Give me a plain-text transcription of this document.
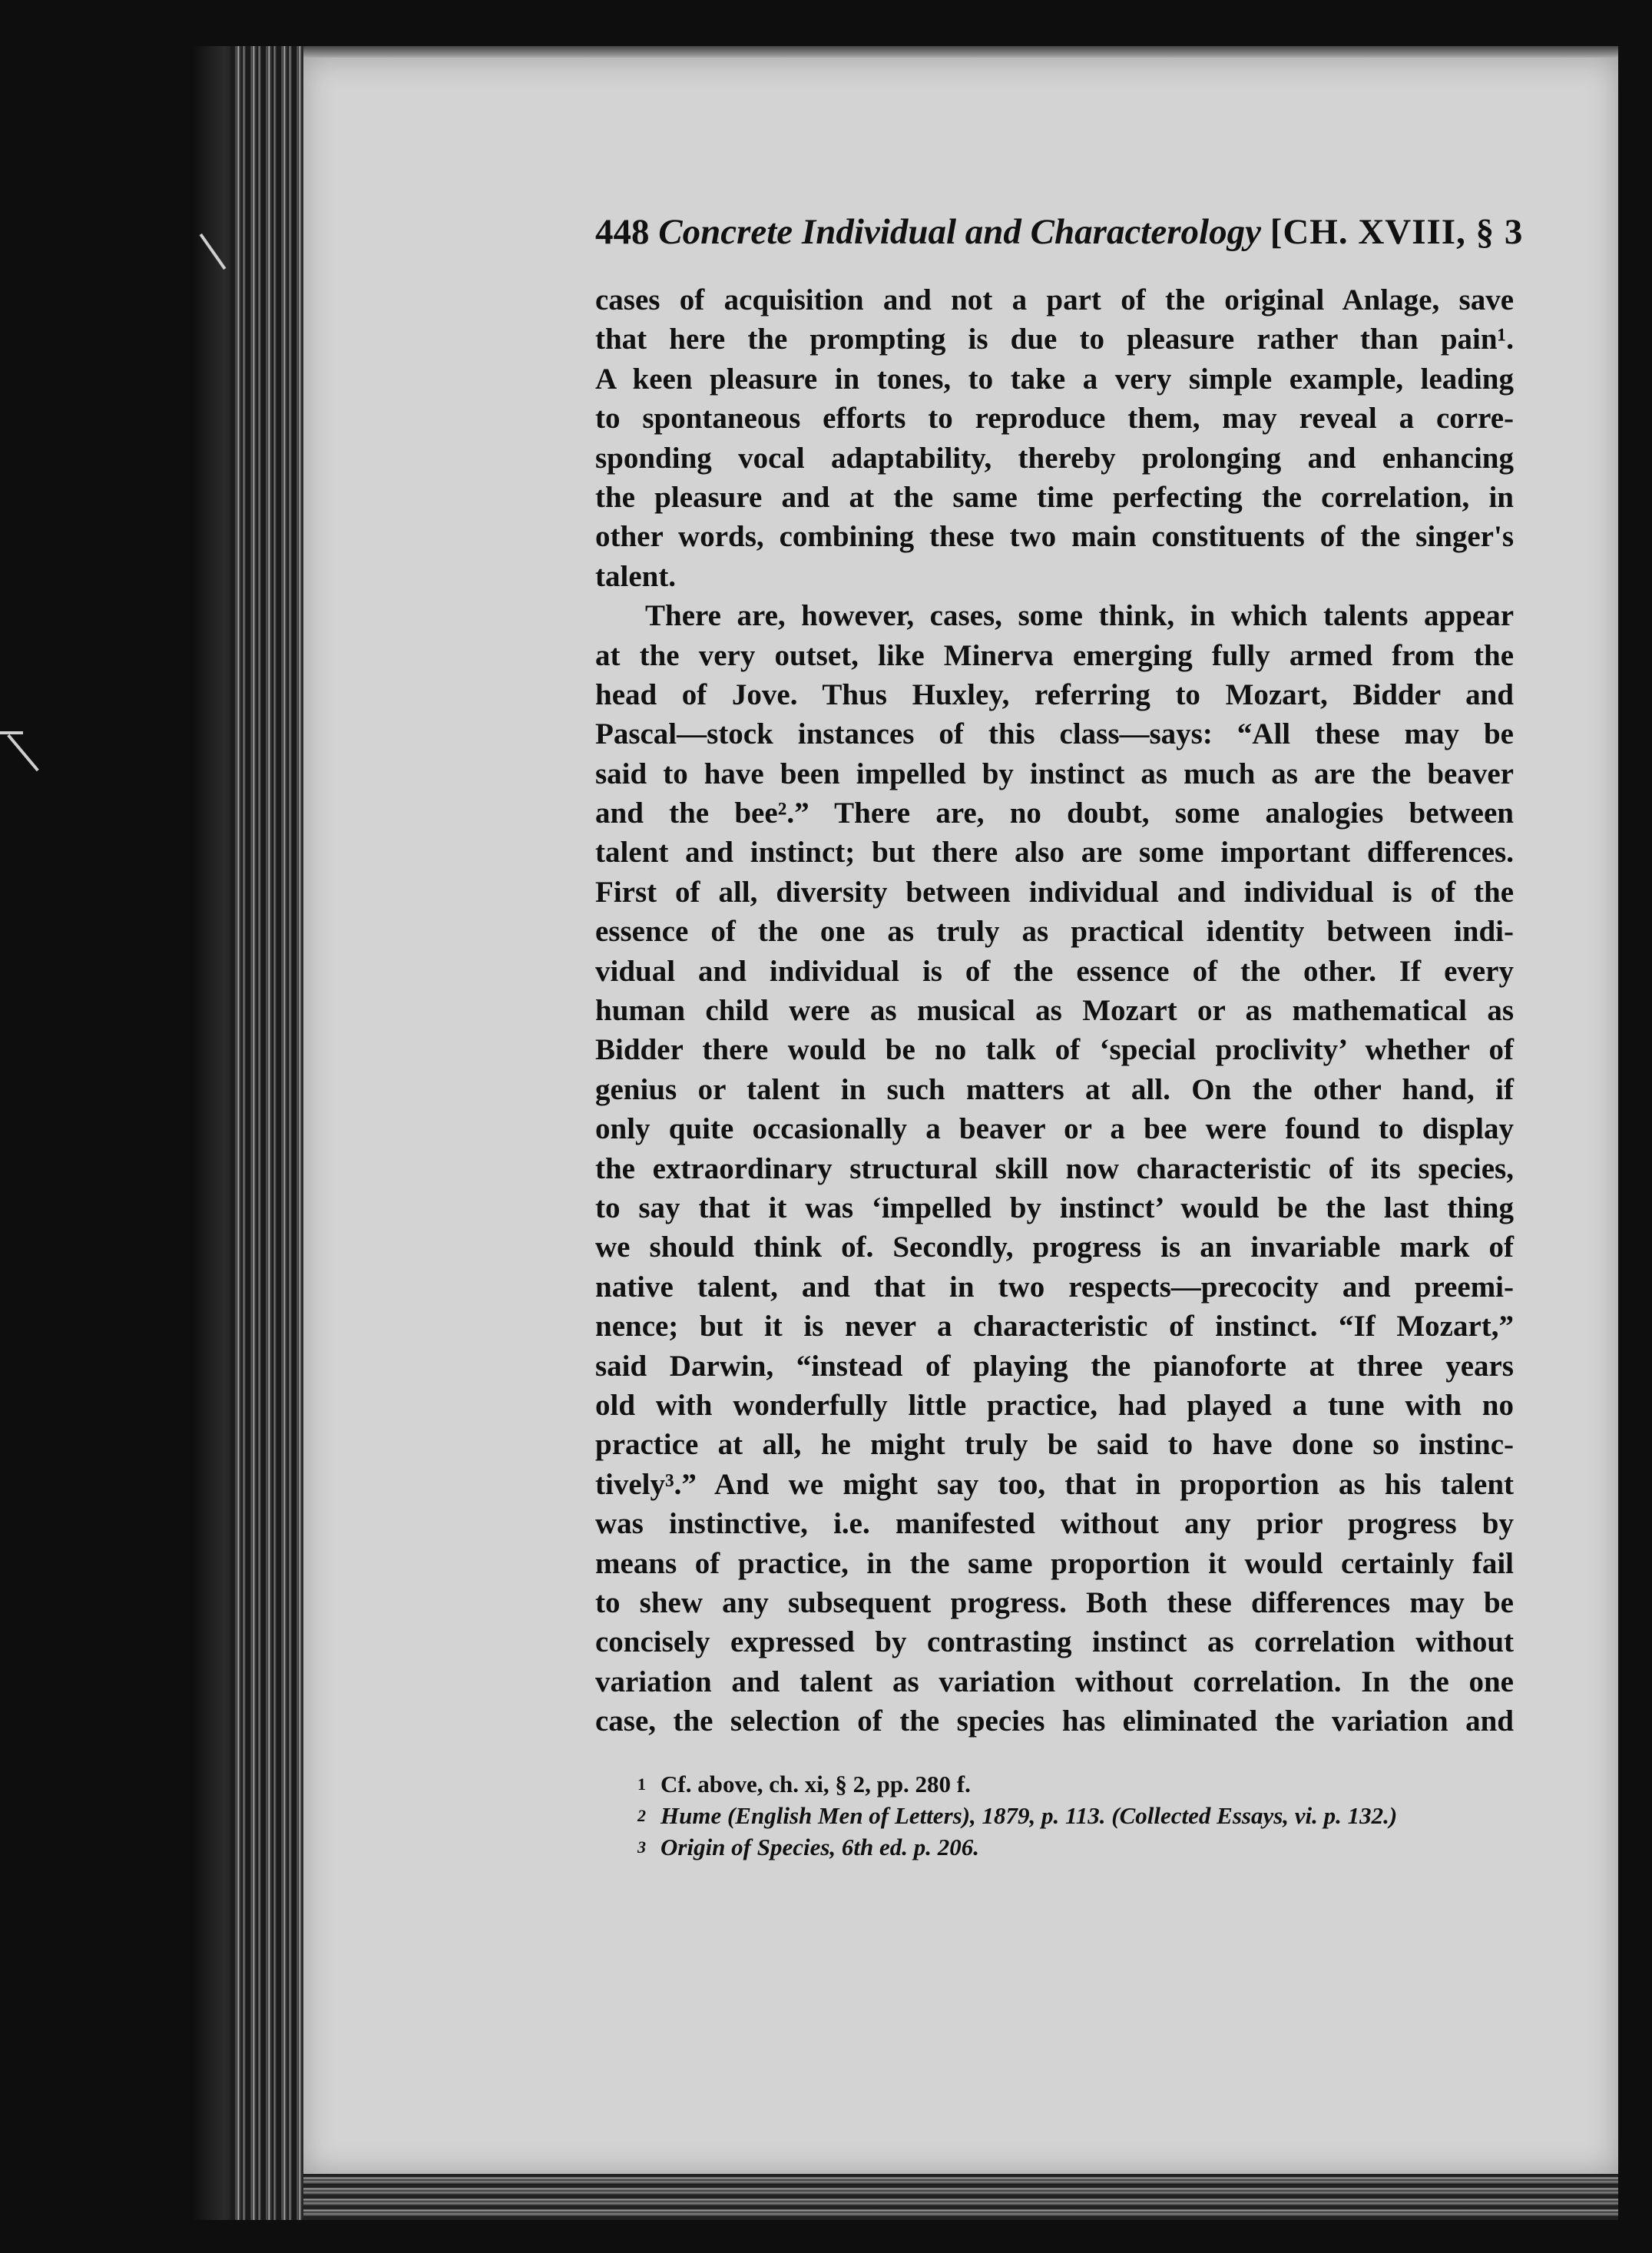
448 Concrete Individual and Characterology [CH. XVIII, § 3
cases of acquisition and not a part of the original Anlage, save
that here the prompting is due to pleasure rather than pain¹.
A keen pleasure in tones, to take a very simple example, leading
to spontaneous efforts to reproduce them, may reveal a corre-
sponding vocal adaptability, thereby prolonging and enhancing
the pleasure and at the same time perfecting the correlation, in
other words, combining these two main constituents of the singer's
talent.
There are, however, cases, some think, in which talents appear
at the very outset, like Minerva emerging fully armed from the
head of Jove. Thus Huxley, referring to Mozart, Bidder and
Pascal—stock instances of this class—says: “All these may be
said to have been impelled by instinct as much as are the beaver
and the bee².” There are, no doubt, some analogies between
talent and instinct; but there also are some important differences.
First of all, diversity between individual and individual is of the
essence of the one as truly as practical identity between indi-
vidual and individual is of the essence of the other. If every
human child were as musical as Mozart or as mathematical as
Bidder there would be no talk of ‘special proclivity’ whether of
genius or talent in such matters at all. On the other hand, if
only quite occasionally a beaver or a bee were found to display
the extraordinary structural skill now characteristic of its species,
to say that it was ‘impelled by instinct’ would be the last thing
we should think of. Secondly, progress is an invariable mark of
native talent, and that in two respects—precocity and preemi-
nence; but it is never a characteristic of instinct. “If Mozart,”
said Darwin, “instead of playing the pianoforte at three years
old with wonderfully little practice, had played a tune with no
practice at all, he might truly be said to have done so instinc-
tively³.” And we might say too, that in proportion as his talent
was instinctive, i.e. manifested without any prior progress by
means of practice, in the same proportion it would certainly fail
to shew any subsequent progress. Both these differences may be
concisely expressed by contrasting instinct as correlation without
variation and talent as variation without correlation. In the one
case, the selection of the species has eliminated the variation and
1 Cf. above, ch. xi, § 2, pp. 280 f.
2 Hume (English Men of Letters), 1879, p. 113. (Collected Essays, vi. p. 132.)
3 Origin of Species, 6th ed. p. 206.
